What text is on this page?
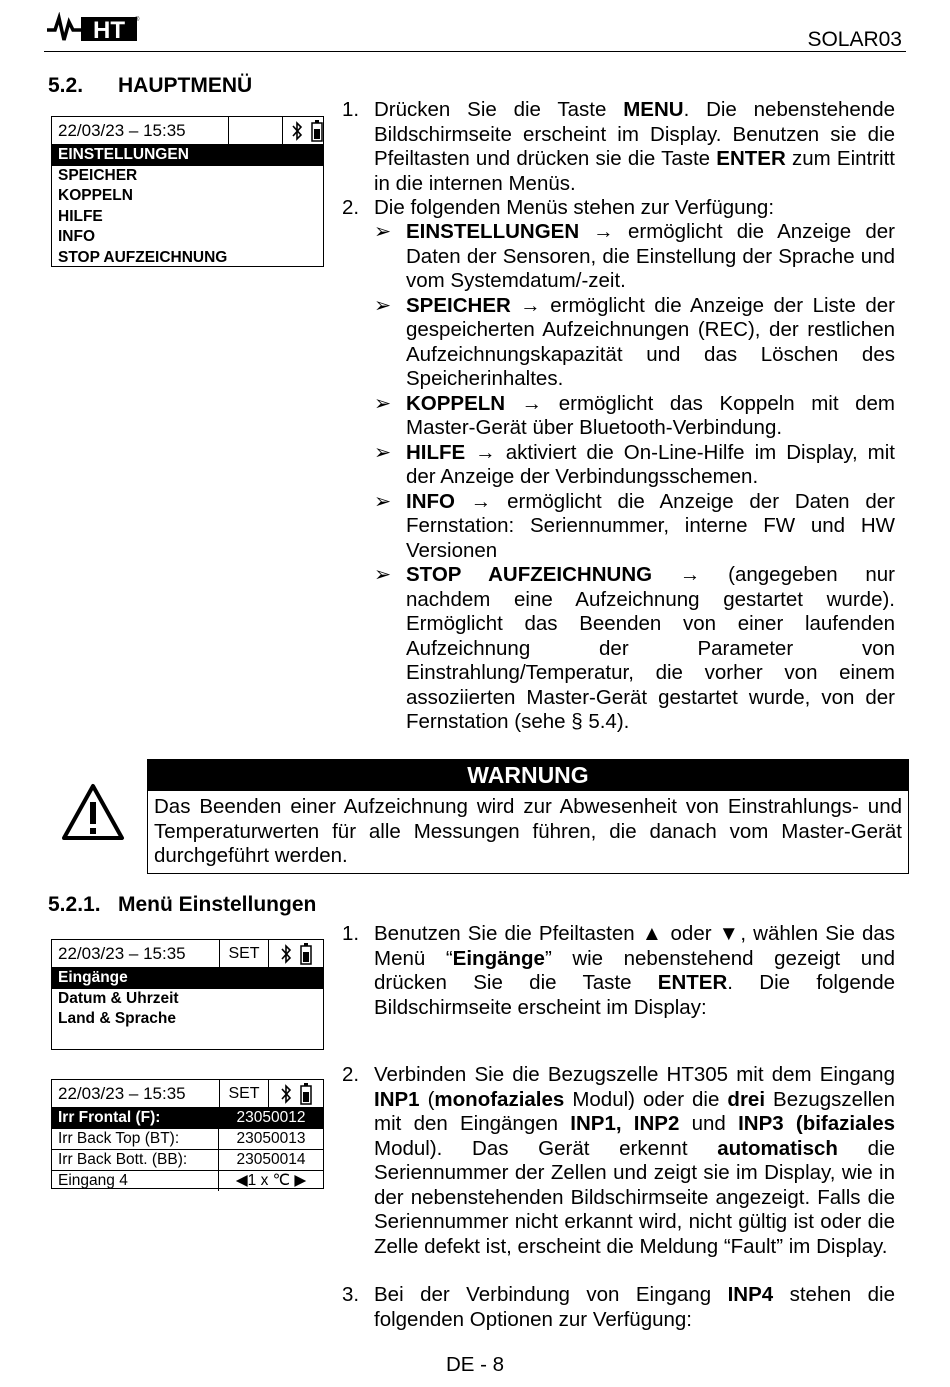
HT ®
SOLAR03
5.2. HAUPTMENÜ
22/03/23 – 15:35
EINSTELLUNGEN
SPEICHER
KOPPELN
HILFE
INFO
STOP AUFZEICHNUNG
1. Drücken Sie die Taste MENU. Die nebenstehende Bildschirmseite erscheint im Display. Benutzen sie die Pfeiltasten und drücken sie die Taste ENTER zum Eintritt in die internen Menüs.
2. Die folgenden Menüs stehen zur Verfügung:
➢ EINSTELLUNGEN → ermöglicht die Anzeige der Daten der Sensoren, die Einstellung der Sprache und vom Systemdatum/-zeit.
➢ SPEICHER → ermöglicht die Anzeige der Liste der gespeicherten Aufzeichnungen (REC), der restlichen Aufzeichnungskapazität und das Löschen des Speicherinhaltes.
➢ KOPPELN → ermöglicht das Koppeln mit dem Master-Gerät über Bluetooth-Verbindung.
➢ HILFE → aktiviert die On-Line-Hilfe im Display, mit der Anzeige der Verbindungsschemen.
➢ INFO → ermöglicht die Anzeige der Daten der Fernstation: Seriennummer, interne FW und HW Versionen
➢ STOP AUFZEICHNUNG → (angegeben nur nachdem eine Aufzeichnung gestartet wurde). Ermöglicht das Beenden von einer laufenden Aufzeichnung der Parameter von Einstrahlung/Temperatur, die vorher von einem assoziierten Master-Gerät gestartet wurde, von der Fernstation (sehe § 5.4).
WARNUNG
Das Beenden einer Aufzeichnung wird zur Abwesenheit von Einstrahlungs- und Temperaturwerten für alle Messungen führen, die danach vom Master-Gerät durchgeführt werden.
5.2.1. Menü Einstellungen
22/03/23 – 15:35	SET
Eingänge
Datum & Uhrzeit
Land & Sprache
22/03/23 – 15:35	SET
Irr Frontal (F):	23050012
Irr Back Top (BT):	23050013
Irr Back Bott. (BB):	23050014
Eingang 4	◀1 x ℃ ▶
1. Benutzen Sie die Pfeiltasten ▲ oder ▼, wählen Sie das Menü “Eingänge” wie nebenstehend gezeigt und drücken Sie die Taste ENTER. Die folgende Bildschirmseite erscheint im Display:
2. Verbinden Sie die Bezugszelle HT305 mit dem Eingang INP1 (monofaziales Modul) oder die drei Bezugszellen mit den Eingängen INP1, INP2 und INP3 (bifaziales Modul). Das Gerät erkennt automatisch die Seriennummer der Zellen und zeigt sie im Display, wie in der nebenstehenden Bildschirmseite angezeigt. Falls die Seriennummer nicht erkannt wird, nicht gültig ist oder die Zelle defekt ist, erscheint die Meldung “Fault” im Display.
3. Bei der Verbindung von Eingang INP4 stehen die folgenden Optionen zur Verfügung:
DE - 8
